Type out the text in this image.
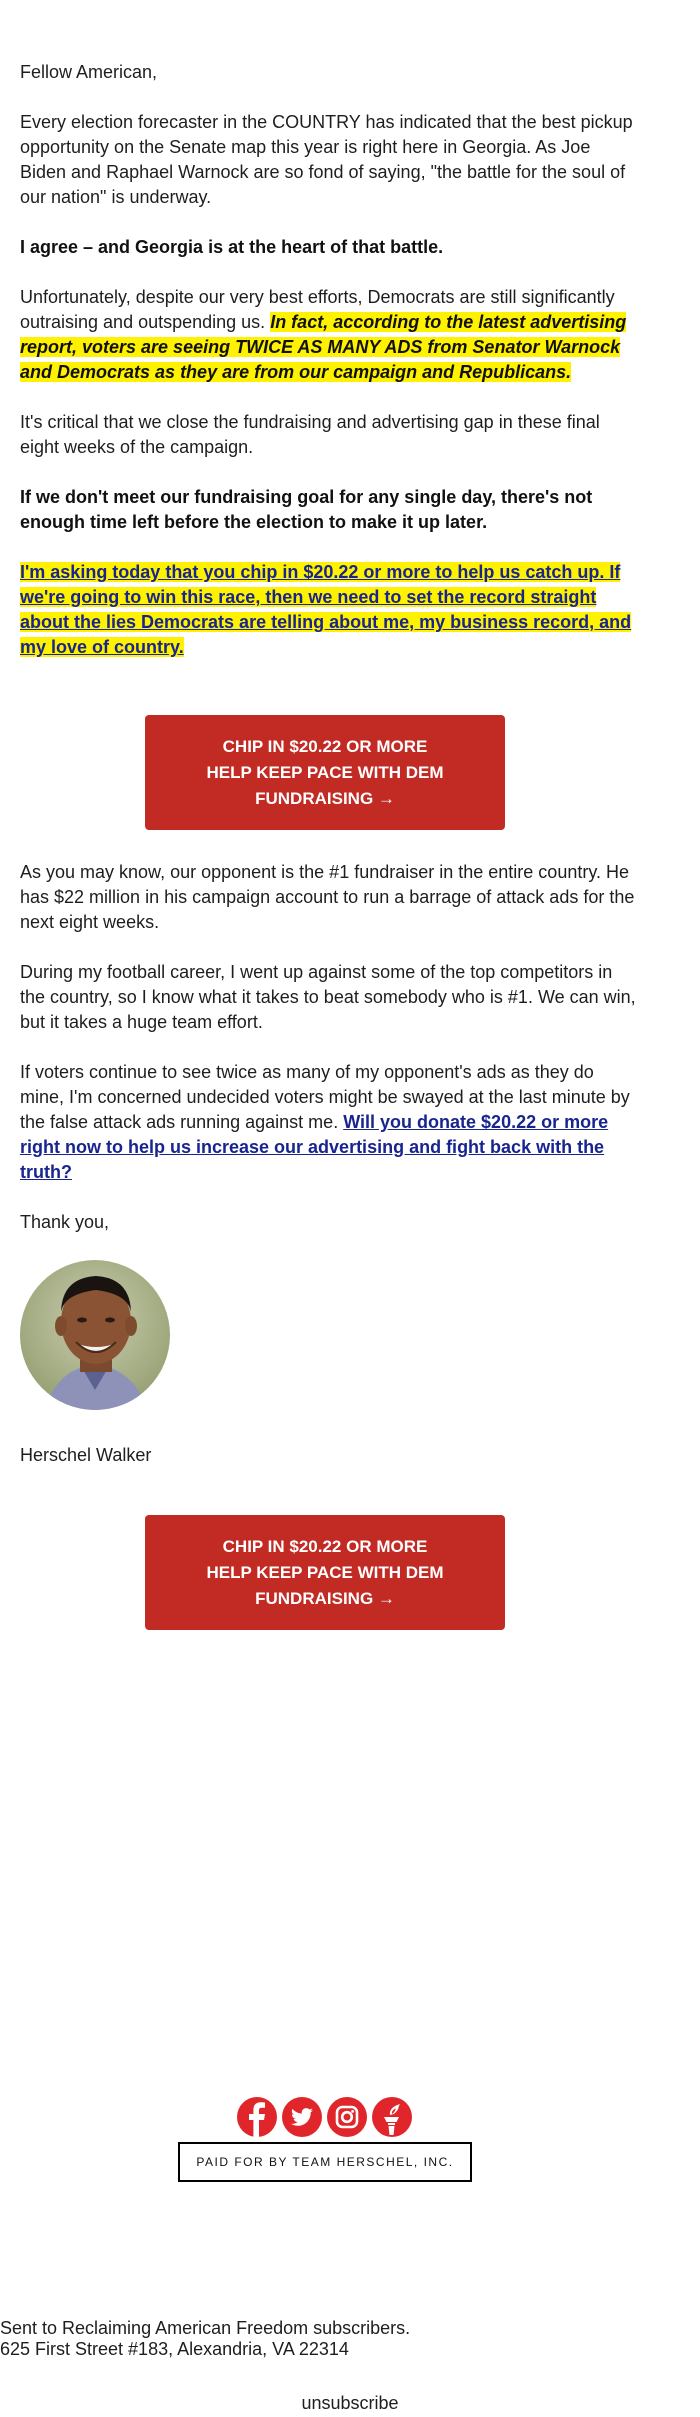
Fellow American,

Every election forecaster in the COUNTRY has indicated that the best pickup opportunity on the Senate map this year is right here in Georgia. As Joe Biden and Raphael Warnock are so fond of saying, "the battle for the soul of our nation" is underway.

I agree – and Georgia is at the heart of that battle.

Unfortunately, despite our very best efforts, Democrats are still significantly outraising and outspending us. In fact, according to the latest advertising report, voters are seeing TWICE AS MANY ADS from Senator Warnock and Democrats as they are from our campaign and Republicans.

It's critical that we close the fundraising and advertising gap in these final eight weeks of the campaign.

If we don't meet our fundraising goal for any single day, there's not enough time left before the election to make it up later.

I'm asking today that you chip in $20.22 or more to help us catch up. If we're going to win this race, then we need to set the record straight about the lies Democrats are telling about me, my business record, and my love of country.

CHIP IN $20.22 OR MORE
HELP KEEP PACE WITH DEM
FUNDRAISING →

As you may know, our opponent is the #1 fundraiser in the entire country. He has $22 million in his campaign account to run a barrage of attack ads for the next eight weeks.

During my football career, I went up against some of the top competitors in the country, so I know what it takes to beat somebody who is #1. We can win, but it takes a huge team effort.

If voters continue to see twice as many of my opponent's ads as they do mine, I'm concerned undecided voters might be swayed at the last minute by the false attack ads running against me. Will you donate $20.22 or more right now to help us increase our advertising and fight back with the truth?

Thank you,
Herschel Walker
CHIP IN $20.22 OR MORE
HELP KEEP PACE WITH DEM
FUNDRAISING →
PAID FOR BY TEAM HERSCHEL, INC.
Sent to Reclaiming American Freedom subscribers.
625 First Street #183, Alexandria, VA 22314
unsubscribe
